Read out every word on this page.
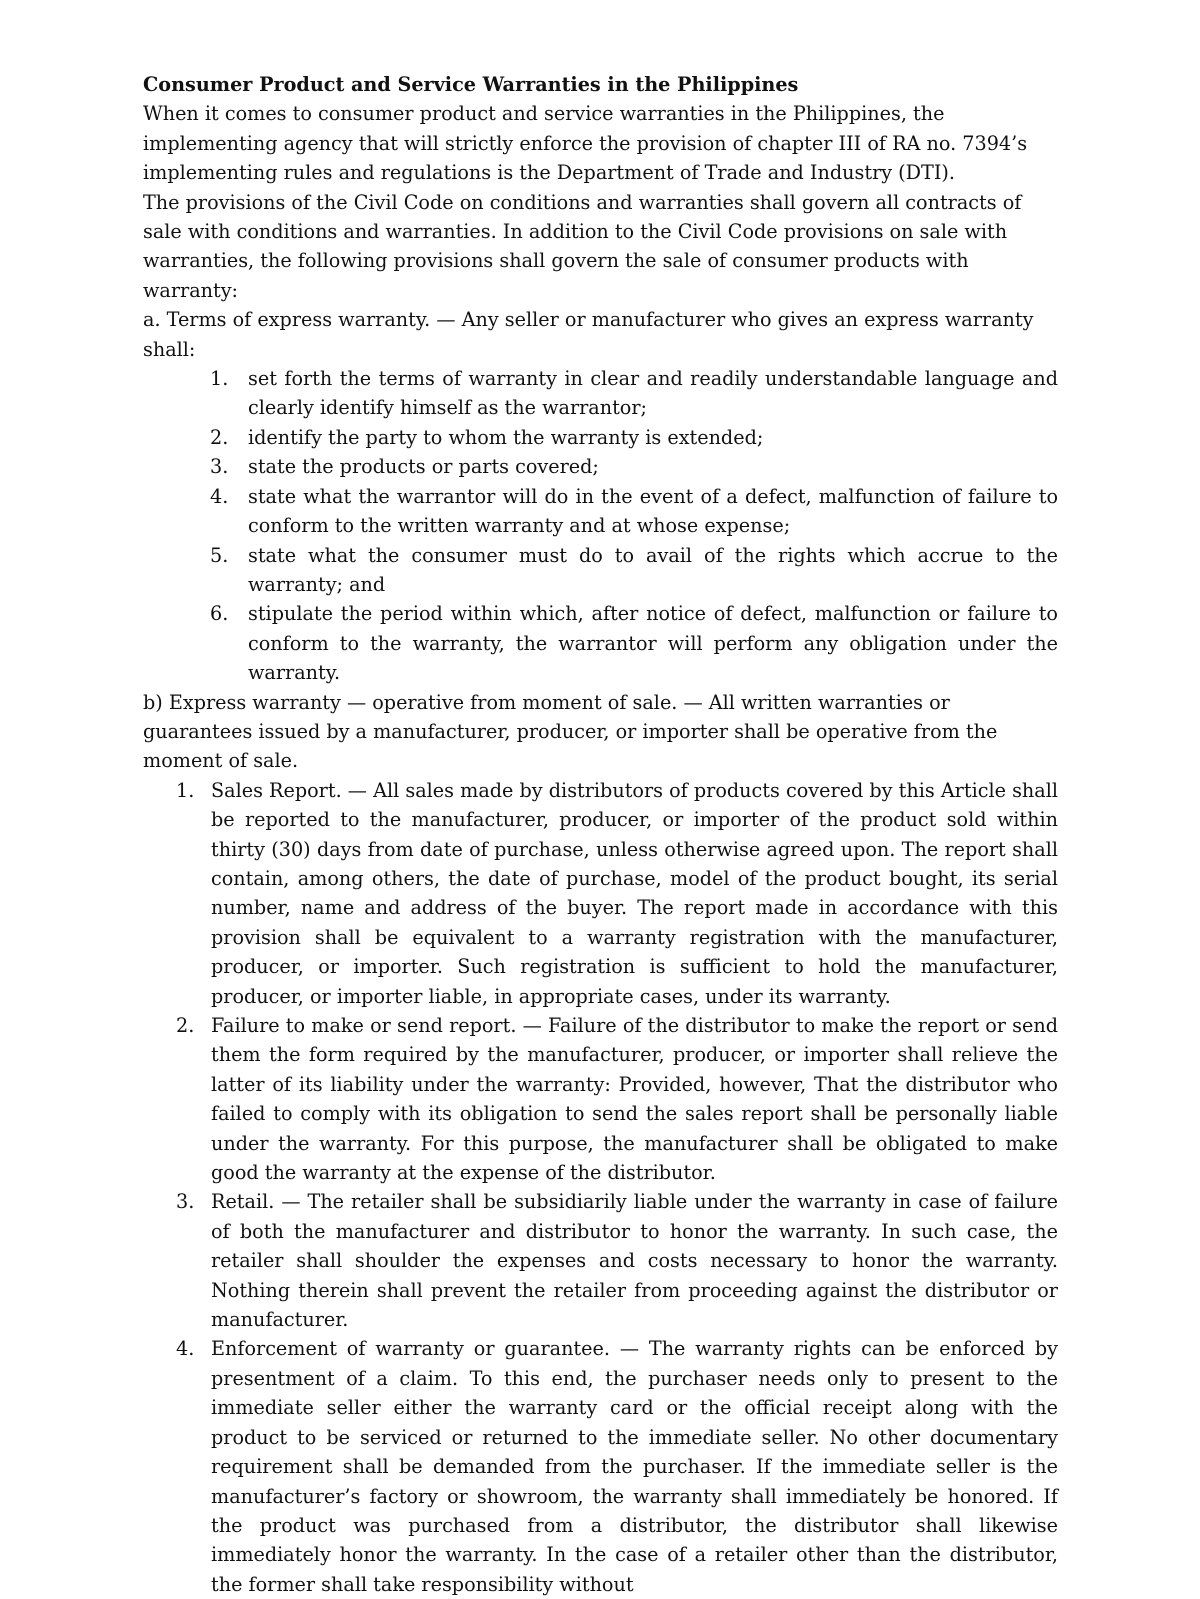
Consumer Product and Service Warranties in the Philippines

When it comes to consumer product and service warranties in the Philippines, the implementing agency that will strictly enforce the provision of chapter III of RA no. 7394’s implementing rules and regulations is the Department of Trade and Industry (DTI).

The provisions of the Civil Code on conditions and warranties shall govern all contracts of sale with conditions and warranties. In addition to the Civil Code provisions on sale with warranties, the following provisions shall govern the sale of consumer products with warranty:

a. Terms of express warranty. — Any seller or manufacturer who gives an express warranty shall:

1. set forth the terms of warranty in clear and readily understandable language and clearly identify himself as the warrantor;
2. identify the party to whom the warranty is extended;
3. state the products or parts covered;
4. state what the warrantor will do in the event of a defect, malfunction of failure to conform to the written warranty and at whose expense;
5. state what the consumer must do to avail of the rights which accrue to the warranty; and
6. stipulate the period within which, after notice of defect, malfunction or failure to conform to the warranty, the warrantor will perform any obligation under the warranty.

b) Express warranty — operative from moment of sale. — All written warranties or guarantees issued by a manufacturer, producer, or importer shall be operative from the moment of sale.

1. Sales Report. — All sales made by distributors of products covered by this Article shall be reported to the manufacturer, producer, or importer of the product sold within thirty (30) days from date of purchase, unless otherwise agreed upon. The report shall contain, among others, the date of purchase, model of the product bought, its serial number, name and address of the buyer. The report made in accordance with this provision shall be equivalent to a warranty registration with the manufacturer, producer, or importer. Such registration is sufficient to hold the manufacturer, producer, or importer liable, in appropriate cases, under its warranty.
2. Failure to make or send report. — Failure of the distributor to make the report or send them the form required by the manufacturer, producer, or importer shall relieve the latter of its liability under the warranty: Provided, however, That the distributor who failed to comply with its obligation to send the sales report shall be personally liable under the warranty. For this purpose, the manufacturer shall be obligated to make good the warranty at the expense of the distributor.
3. Retail. — The retailer shall be subsidiarily liable under the warranty in case of failure of both the manufacturer and distributor to honor the warranty. In such case, the retailer shall shoulder the expenses and costs necessary to honor the warranty. Nothing therein shall prevent the retailer from proceeding against the distributor or manufacturer.
4. Enforcement of warranty or guarantee. — The warranty rights can be enforced by presentment of a claim. To this end, the purchaser needs only to present to the immediate seller either the warranty card or the official receipt along with the product to be serviced or returned to the immediate seller. No other documentary requirement shall be demanded from the purchaser. If the immediate seller is the manufacturer’s factory or showroom, the warranty shall immediately be honored. If the product was purchased from a distributor, the distributor shall likewise immediately honor the warranty. In the case of a retailer other than the distributor, the former shall take responsibility without
